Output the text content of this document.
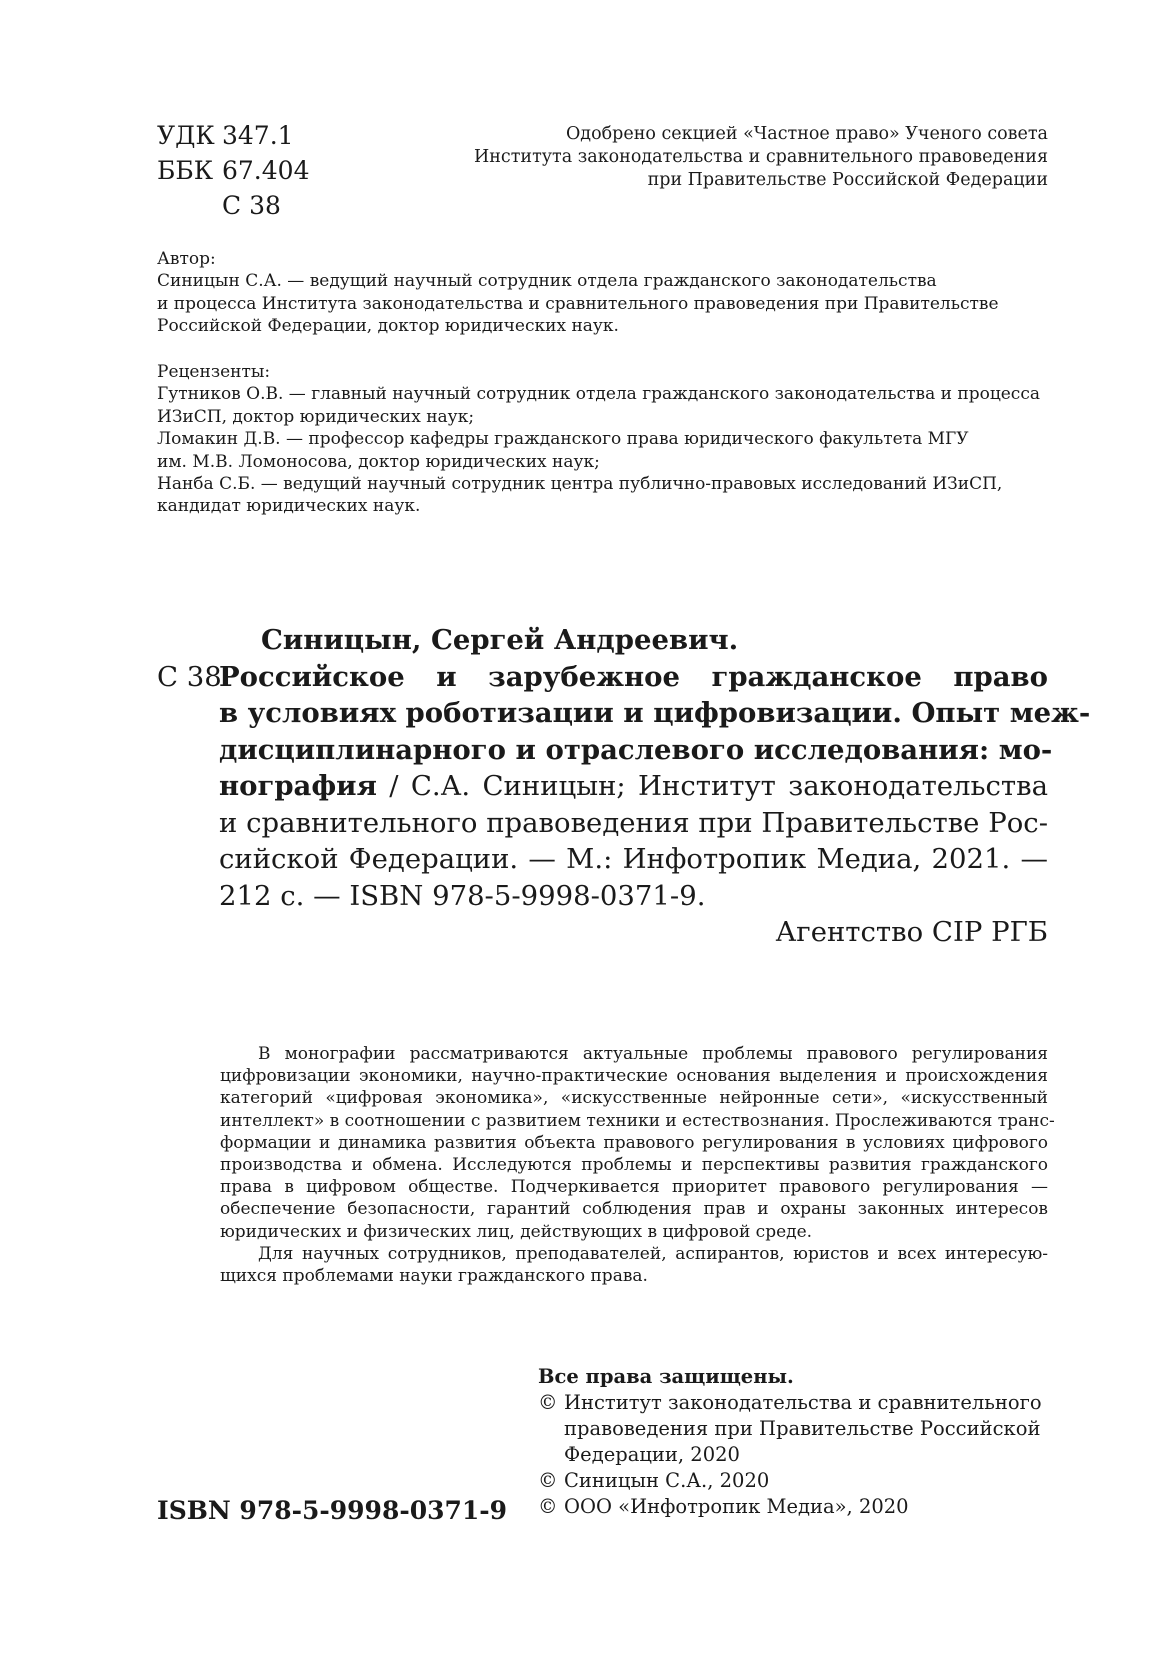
УДК 347.1
ББК 67.404
С 38
Одобрено секцией «Частное право» Ученого совета
Института законодательства и сравнительного правоведения
при Правительстве Российской Федерации
Автор:
Синицын С.А. — ведущий научный сотрудник отдела гражданского законодательства
и процесса Института законодательства и сравнительного правоведения при Правительстве
Российской Федерации, доктор юридических наук.
Рецензенты:
Гутников О.В. — главный научный сотрудник отдела гражданского законодательства и процесса
ИЗиСП, доктор юридических наук;
Ломакин Д.В. — профессор кафедры гражданского права юридического факультета МГУ
им. М.В. Ломоносова, доктор юридических наук;
Нанба С.Б. — ведущий научный сотрудник центра публично-правовых исследований ИЗиСП,
кандидат юридических наук.
Синицын, Сергей Андреевич.
С 38
Российское и зарубежное гражданское право
в условиях роботизации и цифровизации. Опыт меж-
дисциплинарного и отраслевого исследования: мо-
нография / С.А. Синицын; Институт законодательства
и сравнительного правоведения при Правительстве Рос-
сийской Федерации. — М.: Инфотропик Медиа, 2021. —
212 с. — ISBN 978-5-9998-0371-9.
Агентство CIP РГБ
В монографии рассматриваются актуальные проблемы правового регулирования
цифровизации экономики, научно-практические основания выделения и происхождения
категорий «цифровая экономика», «искусственные нейронные сети», «искусственный
интеллект» в соотношении с развитием техники и естествознания. Прослеживаются транс-
формации и динамика развития объекта правового регулирования в условиях цифрового
производства и обмена. Исследуются проблемы и перспективы развития гражданского
права в цифровом обществе. Подчеркивается приоритет правового регулирования —
обеспечение безопасности, гарантий соблюдения прав и охраны законных интересов
юридических и физических лиц, действующих в цифровой среде.
Для научных сотрудников, преподавателей, аспирантов, юристов и всех интересую-
щихся проблемами науки гражданского права.
Все права защищены.
© Институт законодательства и сравнительного
правоведения при Правительстве Российской
Федерации, 2020
© Синицын С.А., 2020
© ООО «Инфотропик Медиа», 2020
ISBN 978-5-9998-0371-9
